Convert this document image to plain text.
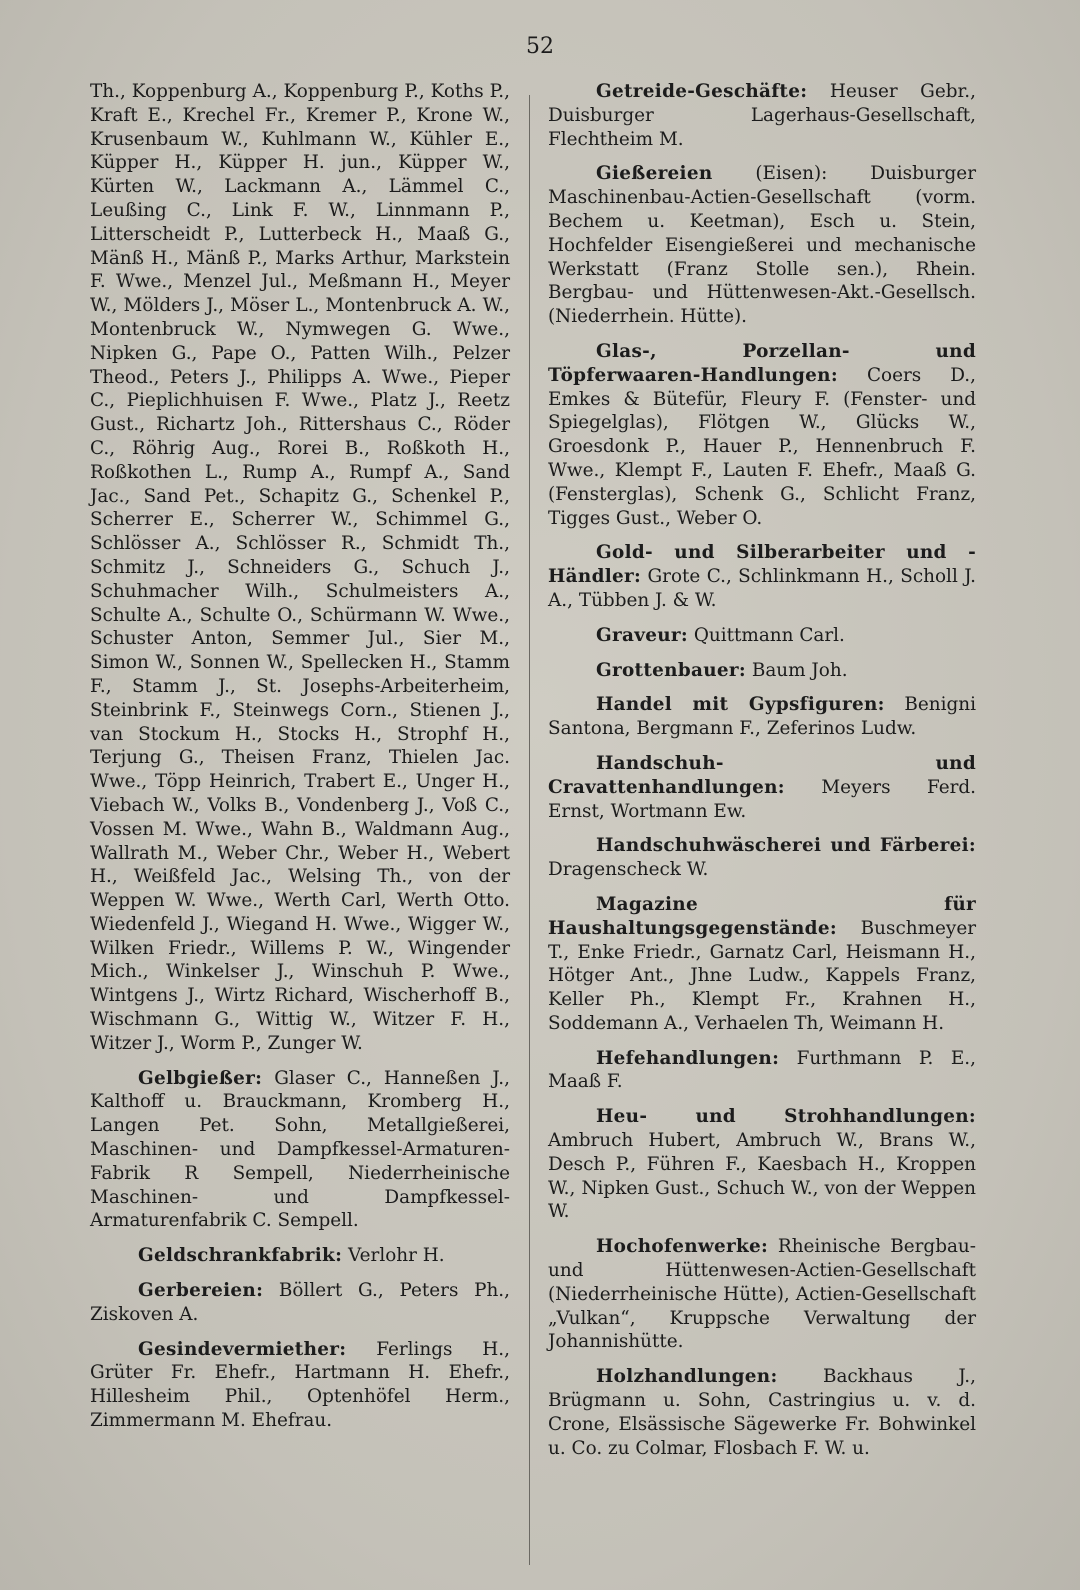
52

Th., Koppenburg A., Koppenburg P., Koths P., Kraft E., Krechel Fr., Kremer P., Krone W., Krusenbaum W., Kuhlmann W., Kühler E., Küpper H., Küpper H. jun., Küpper W., Kürten W., Lackmann A., Lämmel C., Leußing C., Link F. W., Linnmann P., Litterscheidt P., Lutterbeck H., Maaß G., Mänß H., Mänß P., Marks Arthur, Markstein F. Wwe., Menzel Jul., Meßmann H., Meyer W., Mölders J., Möser L., Montenbruck A. W., Montenbruck W., Nymwegen G. Wwe., Nipken G., Pape O., Patten Wilh., Pelzer Theod., Peters J., Philipps A. Wwe., Pieper C., Pieplichhuisen F. Wwe., Platz J., Reetz Gust., Richartz Joh., Rittershaus C., Röder C., Röhrig Aug., Rorei B., Roßkoth H., Roßkothen L., Rump A., Rumpf A., Sand Jac., Sand Pet., Schapitz G., Schenkel P., Scherrer E., Scherrer W., Schimmel G., Schlösser A., Schlösser R., Schmidt Th., Schmitz J., Schneiders G., Schuch J., Schuhmacher Wilh., Schulmeisters A., Schulte A., Schulte O., Schürmann W. Wwe., Schuster Anton, Semmer Jul., Sier M., Simon W., Sonnen W., Spellecken H., Stamm F., Stamm J., St. Josephs-Arbeiterheim, Steinbrink F., Steinwegs Corn., Stienen J., van Stockum H., Stocks H., Strophf H., Terjung G., Theisen Franz, Thielen Jac. Wwe., Töpp Heinrich, Trabert E., Unger H., Viebach W., Volks B., Vondenberg J., Voß C., Vossen M. Wwe., Wahn B., Waldmann Aug., Wallrath M., Weber Chr., Weber H., Webert H., Weißfeld Jac., Welsing Th., von der Weppen W. Wwe., Werth Carl, Werth Otto. Wiedenfeld J., Wiegand H. Wwe., Wigger W., Wilken Friedr., Willems P. W., Wingender Mich., Winkelser J., Winschuh P. Wwe., Wintgens J., Wirtz Richard, Wischerhoff B., Wischmann G., Wittig W., Witzer F. H., Witzer J., Worm P., Zunger W.

Gelbgießer: Glaser C., Hanneßen J., Kalthoff u. Brauckmann, Kromberg H., Langen Pet. Sohn, Metallgießerei, Maschinen- und Dampfkessel-Armaturen-Fabrik R Sempell, Niederrheinische Maschinen- und Dampfkessel-Armaturenfabrik C. Sempell.

Geldschrankfabrik: Verlohr H.

Gerbereien: Böllert G., Peters Ph., Ziskoven A.

Gesindevermiether: Ferlings H., Grüter Fr. Ehefr., Hartmann H. Ehefr., Hillesheim Phil., Optenhöfel Herm., Zimmermann M. Ehefrau.

Getreide-Geschäfte: Heuser Gebr., Duisburger Lagerhaus-Gesellschaft, Flechtheim M.

Gießereien (Eisen): Duisburger Maschinenbau-Actien-Gesellschaft (vorm. Bechem u. Keetman), Esch u. Stein, Hochfelder Eisengießerei und mechanische Werkstatt (Franz Stolle sen.), Rhein. Bergbau- und Hüttenwesen-Akt.-Gesellsch. (Niederrhein. Hütte).

Glas-, Porzellan- und Töpferwaaren-Handlungen: Coers D., Emkes & Bütefür, Fleury F. (Fenster- und Spiegelglas), Flötgen W., Glücks W., Groesdonk P., Hauer P., Hennenbruch F. Wwe., Klempt F., Lauten F. Ehefr., Maaß G. (Fensterglas), Schenk G., Schlicht Franz, Tigges Gust., Weber O.

Gold- und Silberarbeiter und -Händler: Grote C., Schlinkmann H., Scholl J. A., Tübben J. & W.

Graveur: Quittmann Carl.

Grottenbauer: Baum Joh.

Handel mit Gypsfiguren: Benigni Santona, Bergmann F., Zeferinos Ludw.

Handschuh- und Cravattenhandlungen: Meyers Ferd. Ernst, Wortmann Ew.

Handschuhwäscherei und Färberei: Dragenscheck W.

Magazine für Haushaltungsgegenstände: Buschmeyer T., Enke Friedr., Garnatz Carl, Heismann H., Hötger Ant., Jhne Ludw., Kappels Franz, Keller Ph., Klempt Fr., Krahnen H., Soddemann A., Verhaelen Th, Weimann H.

Hefehandlungen: Furthmann P. E., Maaß F.

Heu- und Strohhandlungen: Ambruch Hubert, Ambruch W., Brans W., Desch P., Führen F., Kaesbach H., Kroppen W., Nipken Gust., Schuch W., von der Weppen W.

Hochofenwerke: Rheinische Bergbau- und Hüttenwesen-Actien-Gesellschaft (Niederrheinische Hütte), Actien-Gesellschaft „Vulkan“, Kruppsche Verwaltung der Johannishütte.

Holzhandlungen: Backhaus J., Brügmann u. Sohn, Castringius u. v. d. Crone, Elsässische Sägewerke Fr. Bohwinkel u. Co. zu Colmar, Flosbach F. W. u.
